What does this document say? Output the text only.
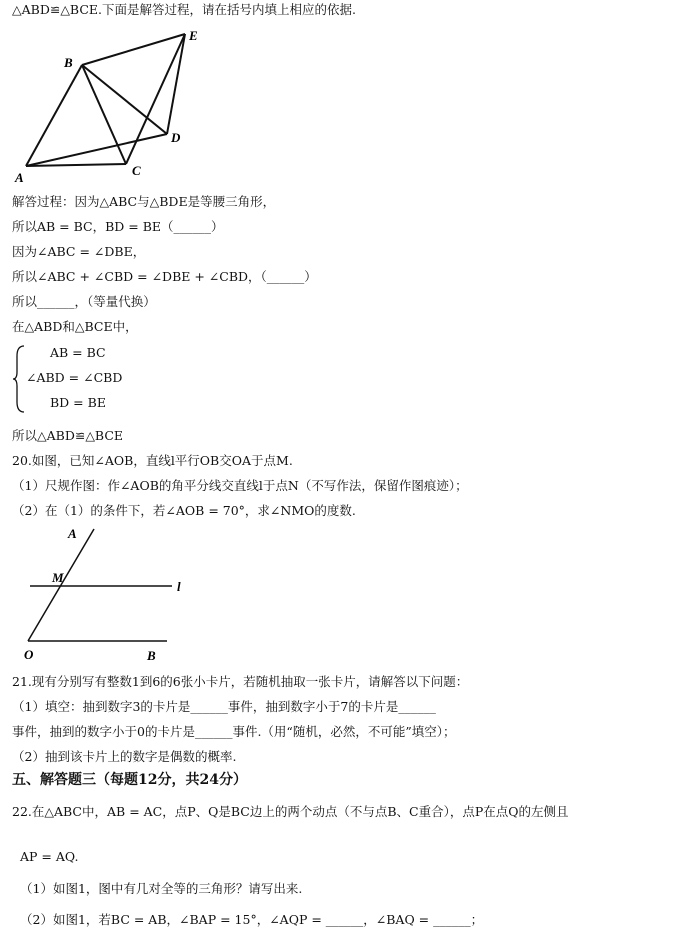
△ABD≌△BCE.下面是解答过程，请在括号内填上相应的依据.
A
B
C
D
E
解答过程：因为△ABC与△BDE是等腰三角形，
所以AB = BC，BD = BE（______）
因为∠ABC = ∠DBE，
所以∠ABC + ∠CBD = ∠DBE + ∠CBD，（______）
所以______，（等量代换）
在△ABD和△BCE中，
AB = BC
∠ABD = ∠CBD
BD = BE
所以△ABD≌△BCE
20.如图，已知∠AOB，直线l平行OB交OA于点M.
（1）尺规作图：作∠AOB的角平分线交直线l于点N（不写作法，保留作图痕迹）；
（2）在（1）的条件下，若∠AOB = 70°，求∠NMO的度数.
A
M
l
O	B
21.现有分别写有整数1到6的6张小卡片，若随机抽取一张卡片，请解答以下问题：
（1）填空：抽到数字3的卡片是______事件，抽到数字小于7的卡片是______
事件，抽到的数字小于0的卡片是______事件.（用“随机，必然，不可能”填空）；
（2）抽到该卡片上的数字是偶数的概率.
五、解答题三（每题12分，共24分）
22.在△ABC中，AB = AC，点P、Q是BC边上的两个动点（不与点B、C重合），点P在点Q的左侧且
AP = AQ.
（1）如图1，图中有几对全等的三角形？请写出来.
（2）如图1，若BC = AB，∠BAP = 15°，∠AQP = ______，∠BAQ = ______；
